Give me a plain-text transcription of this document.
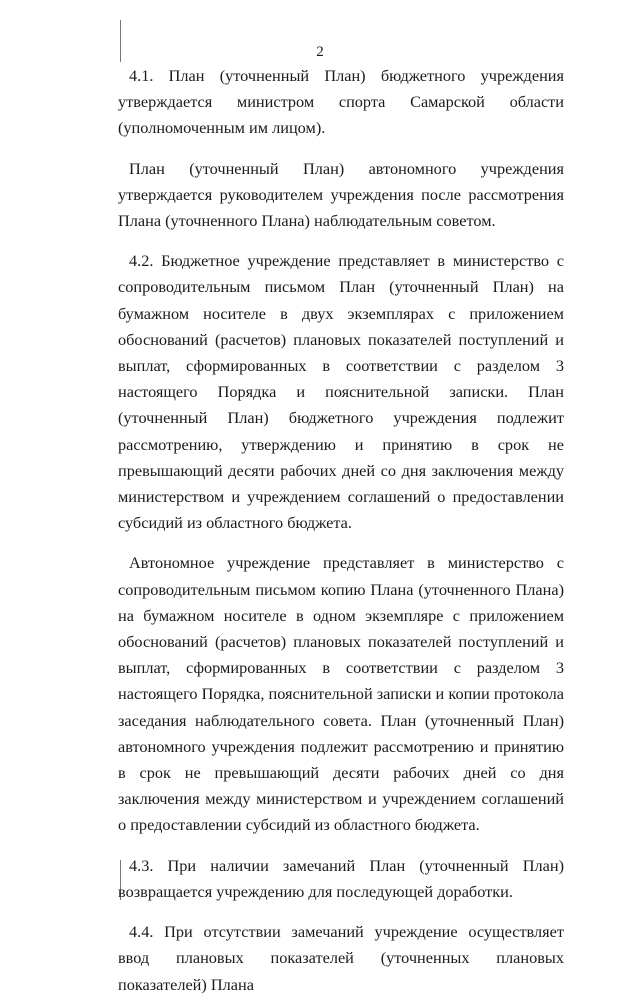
2

4.1. План (уточненный План) бюджетного учреждения утверждается министром спорта Самарской области (уполномоченным им лицом).

План (уточненный План) автономного учреждения утверждается руководителем учреждения после рассмотрения Плана (уточненного Плана) наблюдательным советом.

4.2. Бюджетное учреждение представляет в министерство с сопроводительным письмом План (уточненный План) на бумажном носителе в двух экземплярах с приложением обоснований (расчетов) плановых показателей поступлений и выплат, сформированных в соответствии с разделом 3 настоящего Порядка и пояснительной записки. План (уточненный План) бюджетного учреждения подлежит рассмотрению, утверждению и принятию в срок не превышающий десяти рабочих дней со дня заключения между министерством и учреждением соглашений о предоставлении субсидий из областного бюджета.

Автономное учреждение представляет в министерство с сопроводительным письмом копию Плана (уточненного Плана) на бумажном носителе в одном экземпляре с приложением обоснований (расчетов) плановых показателей поступлений и выплат, сформированных в соответствии с разделом 3 настоящего Порядка, пояснительной записки и копии протокола заседания наблюдательного совета. План (уточненный План) автономного учреждения подлежит рассмотрению и принятию в срок не превышающий десяти рабочих дней со дня заключения между министерством и учреждением соглашений о предоставлении субсидий из областного бюджета.

4.3. При наличии замечаний План (уточненный План) возвращается учреждению для последующей доработки.

4.4. При отсутствии замечаний учреждение осуществляет ввод плановых показателей (уточненных плановых показателей) Плана
